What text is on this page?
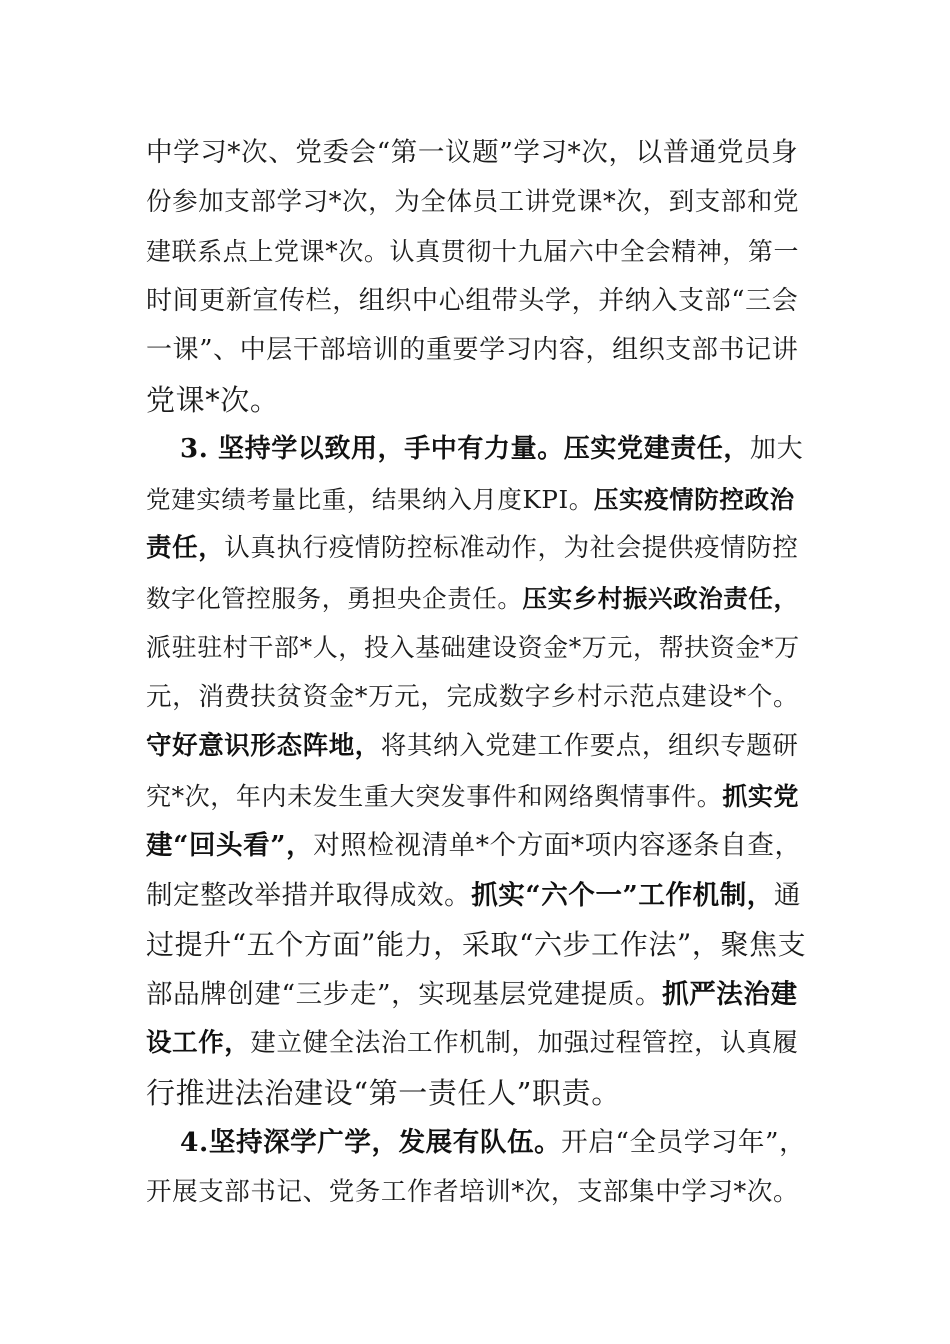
中学习*次、党委会“第一议题”学习*次，以普通党员身
份参加支部学习*次，为全体员工讲党课*次，到支部和党
建联系点上党课*次。认真贯彻十九届六中全会精神，第一
时间更新宣传栏，组织中心组带头学，并纳入支部“三会
一课”、中层干部培训的重要学习内容，组织支部书记讲
党课*次。
3. 坚持学以致用，手中有力量。压实党建责任，加大
党建实绩考量比重，结果纳入月度KPI。压实疫情防控政治
责任，认真执行疫情防控标准动作，为社会提供疫情防控
数字化管控服务，勇担央企责任。压实乡村振兴政治责任，
派驻驻村干部*人，投入基础建设资金*万元，帮扶资金*万
元，消费扶贫资金*万元，完成数字乡村示范点建设*个。
守好意识形态阵地，将其纳入党建工作要点，组织专题研
究*次，年内未发生重大突发事件和网络舆情事件。抓实党
建“回头看”，对照检视清单*个方面*项内容逐条自查，
制定整改举措并取得成效。抓实“六个一”工作机制，通
过提升“五个方面”能力，采取“六步工作法”，聚焦支
部品牌创建“三步走”，实现基层党建提质。抓严法治建
设工作，建立健全法治工作机制，加强过程管控，认真履
行推进法治建设“第一责任人”职责。
4.坚持深学广学，发展有队伍。开启“全员学习年”，
开展支部书记、党务工作者培训*次，支部集中学习*次。
